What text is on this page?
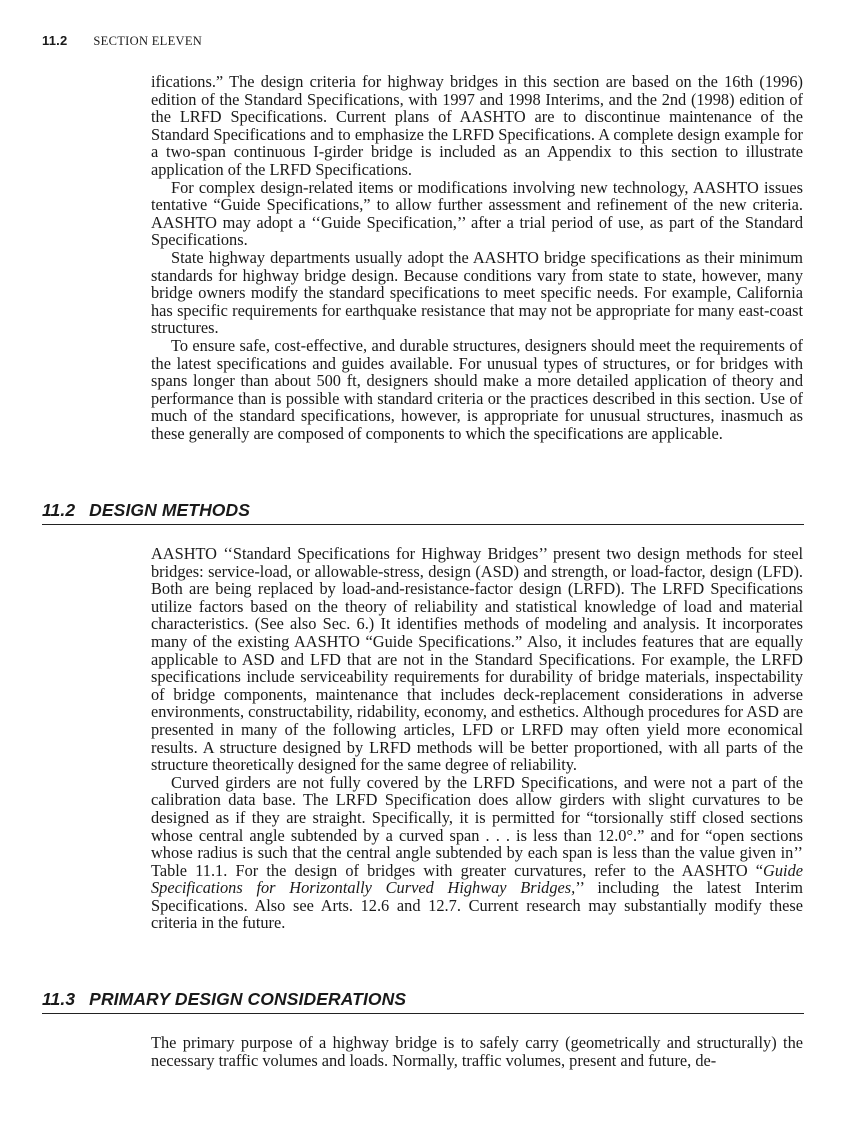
11.2 SECTION ELEVEN

ifications.” The design criteria for highway bridges in this section are based on the 16th (1996) edition of the Standard Specifications, with 1997 and 1998 Interims, and the 2nd (1998) edition of the LRFD Specifications. Current plans of AASHTO are to discontinue maintenance of the Standard Specifications and to emphasize the LRFD Specifications. A complete design example for a two-span continuous I-girder bridge is included as an Appendix to this section to illustrate application of the LRFD Specifications.

For complex design-related items or modifications involving new technology, AASHTO issues tentative “Guide Specifications,” to allow further assessment and refinement of the new criteria. AASHTO may adopt a ‘‘Guide Specification,’’ after a trial period of use, as part of the Standard Specifications.

State highway departments usually adopt the AASHTO bridge specifications as their minimum standards for highway bridge design. Because conditions vary from state to state, however, many bridge owners modify the standard specifications to meet specific needs. For example, California has specific requirements for earthquake resistance that may not be appropriate for many east-coast structures.

To ensure safe, cost-effective, and durable structures, designers should meet the requirements of the latest specifications and guides available. For unusual types of structures, or for bridges with spans longer than about 500 ft, designers should make a more detailed application of theory and performance than is possible with standard criteria or the practices described in this section. Use of much of the standard specifications, however, is appropriate for unusual structures, inasmuch as these generally are composed of components to which the specifications are applicable.

11.2 DESIGN METHODS

AASHTO ‘‘Standard Specifications for Highway Bridges’’ present two design methods for steel bridges: service-load, or allowable-stress, design (ASD) and strength, or load-factor, design (LFD). Both are being replaced by load-and-resistance-factor design (LRFD). The LRFD Specifications utilize factors based on the theory of reliability and statistical knowledge of load and material characteristics. (See also Sec. 6.) It identifies methods of modeling and analysis. It incorporates many of the existing AASHTO “Guide Specifications.” Also, it includes features that are equally applicable to ASD and LFD that are not in the Standard Specifications. For example, the LRFD specifications include serviceability requirements for durability of bridge materials, inspectability of bridge components, maintenance that includes deck-replacement considerations in adverse environments, constructability, ridability, economy, and esthetics. Although procedures for ASD are presented in many of the following articles, LFD or LRFD may often yield more economical results. A structure designed by LRFD methods will be better proportioned, with all parts of the structure theoretically designed for the same degree of reliability.

Curved girders are not fully covered by the LRFD Specifications, and were not a part of the calibration data base. The LRFD Specification does allow girders with slight curvatures to be designed as if they are straight. Specifically, it is permitted for “torsionally stiff closed sections whose central angle subtended by a curved span . . . is less than 12.0°.” and for “open sections whose radius is such that the central angle subtended by each span is less than the value given in’’ Table 11.1. For the design of bridges with greater curvatures, refer to the AASHTO “Guide Specifications for Horizontally Curved Highway Bridges,’’ including the latest Interim Specifications. Also see Arts. 12.6 and 12.7. Current research may substantially modify these criteria in the future.

11.3 PRIMARY DESIGN CONSIDERATIONS

The primary purpose of a highway bridge is to safely carry (geometrically and structurally) the necessary traffic volumes and loads. Normally, traffic volumes, present and future, de-
